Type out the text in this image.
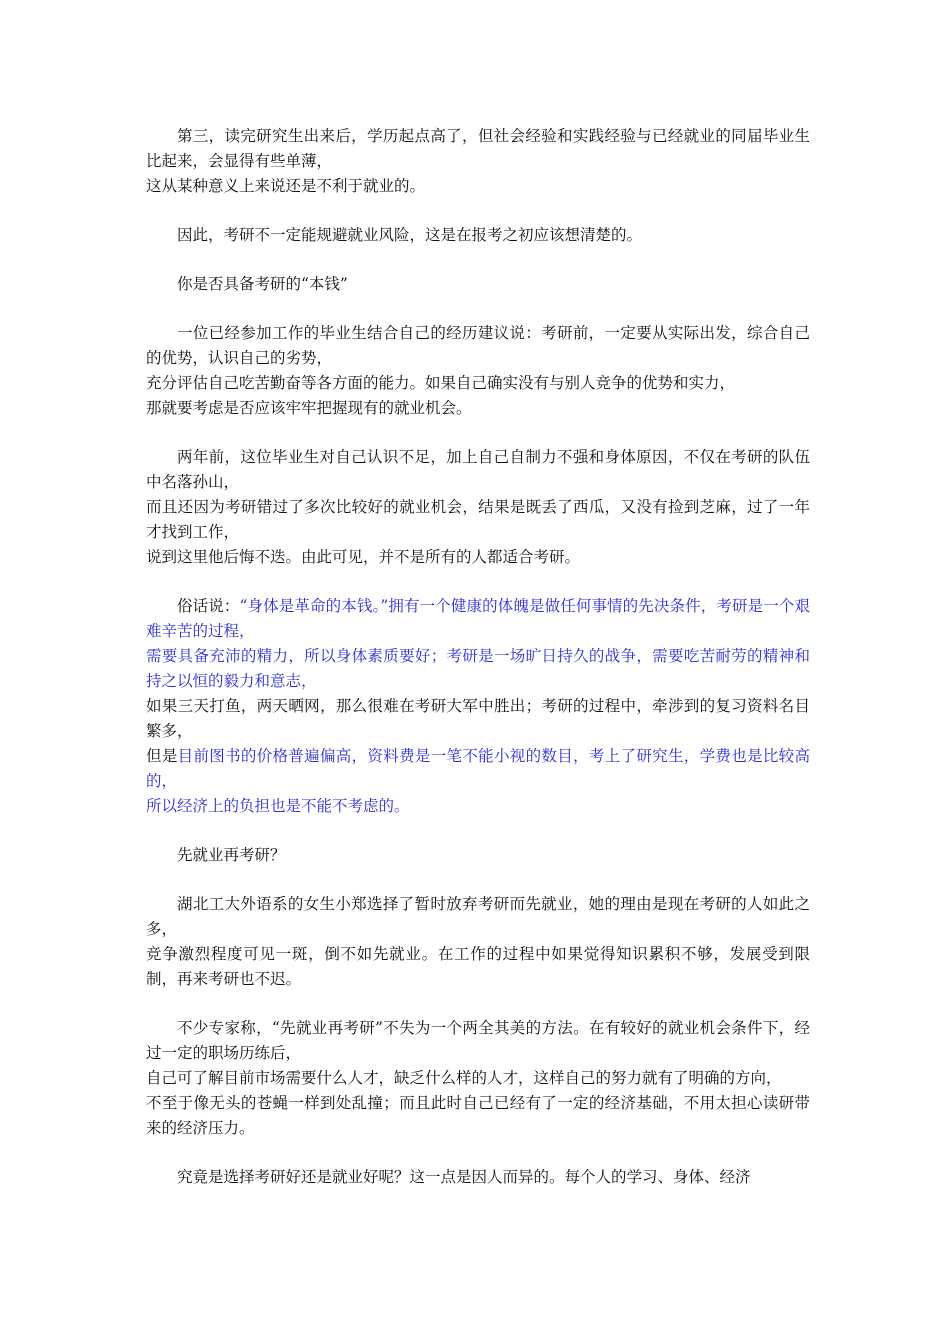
第三，读完研究生出来后，学历起点高了，但社会经验和实践经验与已经就业的同届毕业生比起来，会显得有些单薄，
这从某种意义上来说还是不利于就业的。
因此，考研不一定能规避就业风险，这是在报考之初应该想清楚的。
你是否具备考研的“本钱”
一位已经参加工作的毕业生结合自己的经历建议说：考研前，一定要从实际出发，综合自己的优势，认识自己的劣势，
充分评估自己吃苦勤奋等各方面的能力。如果自己确实没有与别人竞争的优势和实力，
那就要考虑是否应该牢牢把握现有的就业机会。
两年前，这位毕业生对自己认识不足，加上自己自制力不强和身体原因，不仅在考研的队伍中名落孙山，
而且还因为考研错过了多次比较好的就业机会，结果是既丢了西瓜，又没有捡到芝麻，过了一年才找到工作，
说到这里他后悔不迭。由此可见，并不是所有的人都适合考研。
俗话说：“身体是革命的本钱。”拥有一个健康的体魄是做任何事情的先决条件，考研是一个艰难辛苦的过程，
需要具备充沛的精力，所以身体素质要好；考研是一场旷日持久的战争，需要吃苦耐劳的精神和持之以恒的毅力和意志，
如果三天打鱼，两天晒网，那么很难在考研大军中胜出；考研的过程中，牵涉到的复习资料名目繁多，
但是目前图书的价格普遍偏高，资料费是一笔不能小视的数目，考上了研究生，学费也是比较高的，
所以经济上的负担也是不能不考虑的。
先就业再考研？
湖北工大外语系的女生小郑选择了暂时放弃考研而先就业，她的理由是现在考研的人如此之多，
竞争激烈程度可见一斑，倒不如先就业。在工作的过程中如果觉得知识累积不够，发展受到限制，再来考研也不迟。
不少专家称，“先就业再考研”不失为一个两全其美的方法。在有较好的就业机会条件下，经过一定的职场历练后，
自己可了解目前市场需要什么人才，缺乏什么样的人才，这样自己的努力就有了明确的方向，
不至于像无头的苍蝇一样到处乱撞；而且此时自己已经有了一定的经济基础，不用太担心读研带来的经济压力。
究竟是选择考研好还是就业好呢？这一点是因人而异的。每个人的学习、身体、经济
